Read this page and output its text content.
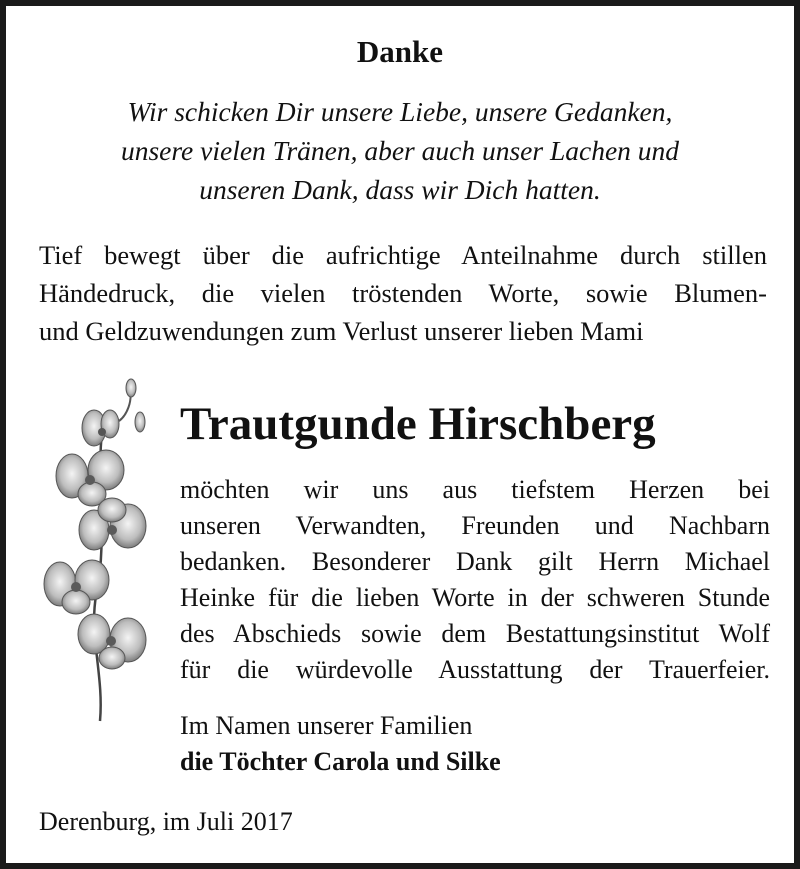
Danke
Wir schicken Dir unsere Liebe, unsere Gedanken,
unsere vielen Tränen, aber auch unser Lachen und
unseren Dank, dass wir Dich hatten.
Tief bewegt über die aufrichtige Anteilnahme durch stillen
Händedruck, die vielen tröstenden Worte, sowie Blumen-
und Geldzuwendungen zum Verlust unserer lieben Mami
Trautgunde Hirschberg
möchten wir uns aus tiefstem Herzen bei
unseren Verwandten, Freunden und Nachbarn
bedanken. Besonderer Dank gilt Herrn Michael
Heinke für die lieben Worte in der schweren Stunde
des Abschieds sowie dem Bestattungsinstitut Wolf
für die würdevolle Ausstattung der Trauerfeier.
Im Namen unserer Familien
die Töchter Carola und Silke
Derenburg, im Juli 2017
